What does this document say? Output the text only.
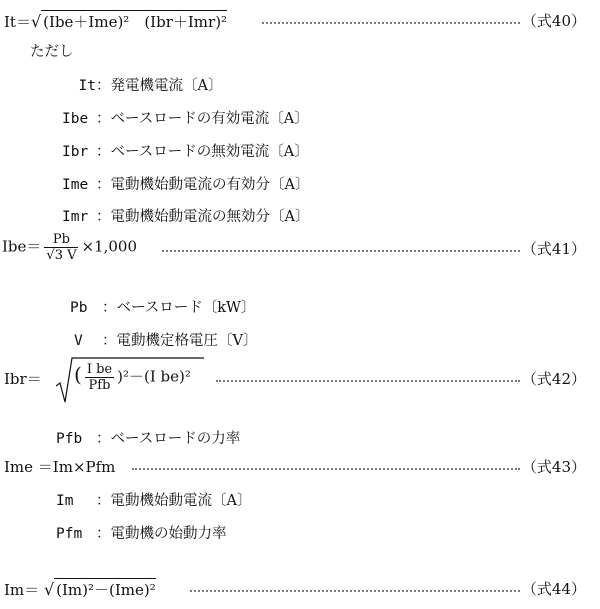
It＝√ (Ibe＋Ime)²　(Ibr＋Imr)²	（式40）
ただし
It：発電機電流〔A〕
Ibe ：ベースロードの有効電流〔A〕
Ibr ：ベースロードの無効電流〔A〕
Ime ：電動機始動電流の有効分〔A〕
Imr ：電動機始動電流の無効分〔A〕
$Ibe= \frac{Pb}{√3 V} \times 1,000$	（式41）
Pb ：ベースロード〔kW〕
V ：電動機定格電圧〔V〕
Ibr＝ ( $\frac{\text{I be}}{\text{Pfb}} )^2-(I$ be)²	（式42）
Pfb ：ベースロードの力率
Ime ＝Im×Pfm	（式43）
Im ：電動機始動電流〔A〕
Pfm ：電動機の始動力率
Im＝ √ (Im)²－(Ime)²	（式44）
